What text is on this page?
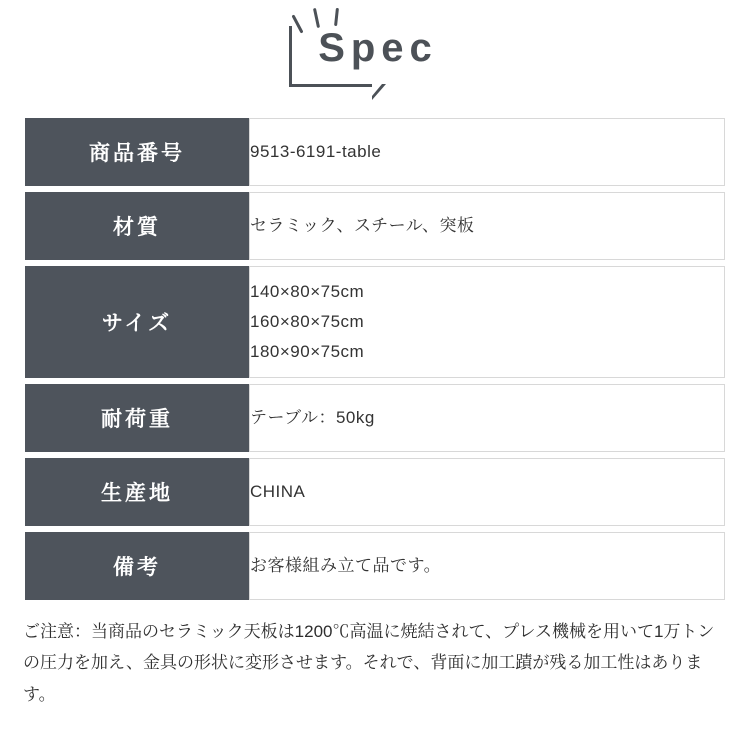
Spec
商品番号	9513-6191-table
材質	セラミック、スチール、突板
サイズ	140×80×75cm
160×80×75cm
180×90×75cm

耐荷重	テーブル：50kg
生産地	CHINA
備考	お客様組み立て品です。
ご注意：当商品のセラミック天板は1200℃高温に焼結されて、プレス機械を用いて1万トンの圧力を加え、金具の形状に変形させます。それで、背面に加工蹟が残る加工性はあります。
